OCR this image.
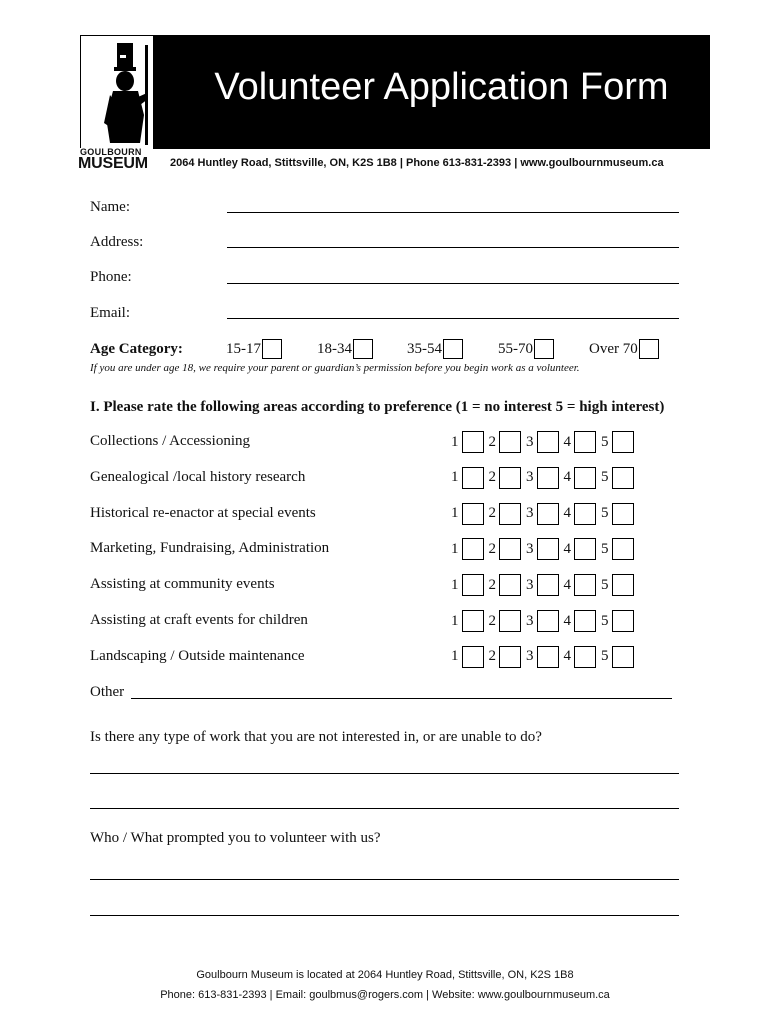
Volunteer Application Form
GOULBOURN
MUSEUM 2064 Huntley Road, Stittsville, ON, K2S 1B8 | Phone 613-831-2393 | www.goulbournmuseum.ca
Name:
Address:
Phone:
Email:
Age Category:	15-17	18-34	35-54	55-70	Over 70
If you are under age 18, we require your parent or guardian’s permission before you begin work as a volunteer.
I. Please rate the following areas according to preference (1 = no interest 5 = high interest)
Collections / Accessioning	1 2 3 4 5
Genealogical /local history research	1 2 3 4 5
Historical re-enactor at special events	1 2 3 4 5
Marketing, Fundraising, Administration	1 2 3 4 5
Assisting at community events	1 2 3 4 5
Assisting at craft events for children	1 2 3 4 5
Landscaping / Outside maintenance	1 2 3 4 5
Other
Is there any type of work that you are not interested in, or are unable to do?
Who / What prompted you to volunteer with us?
Goulbourn Museum is located at 2064 Huntley Road, Stittsville, ON, K2S 1B8
Phone: 613-831-2393 | Email: goulbmus@rogers.com | Website: www.goulbournmuseum.ca
